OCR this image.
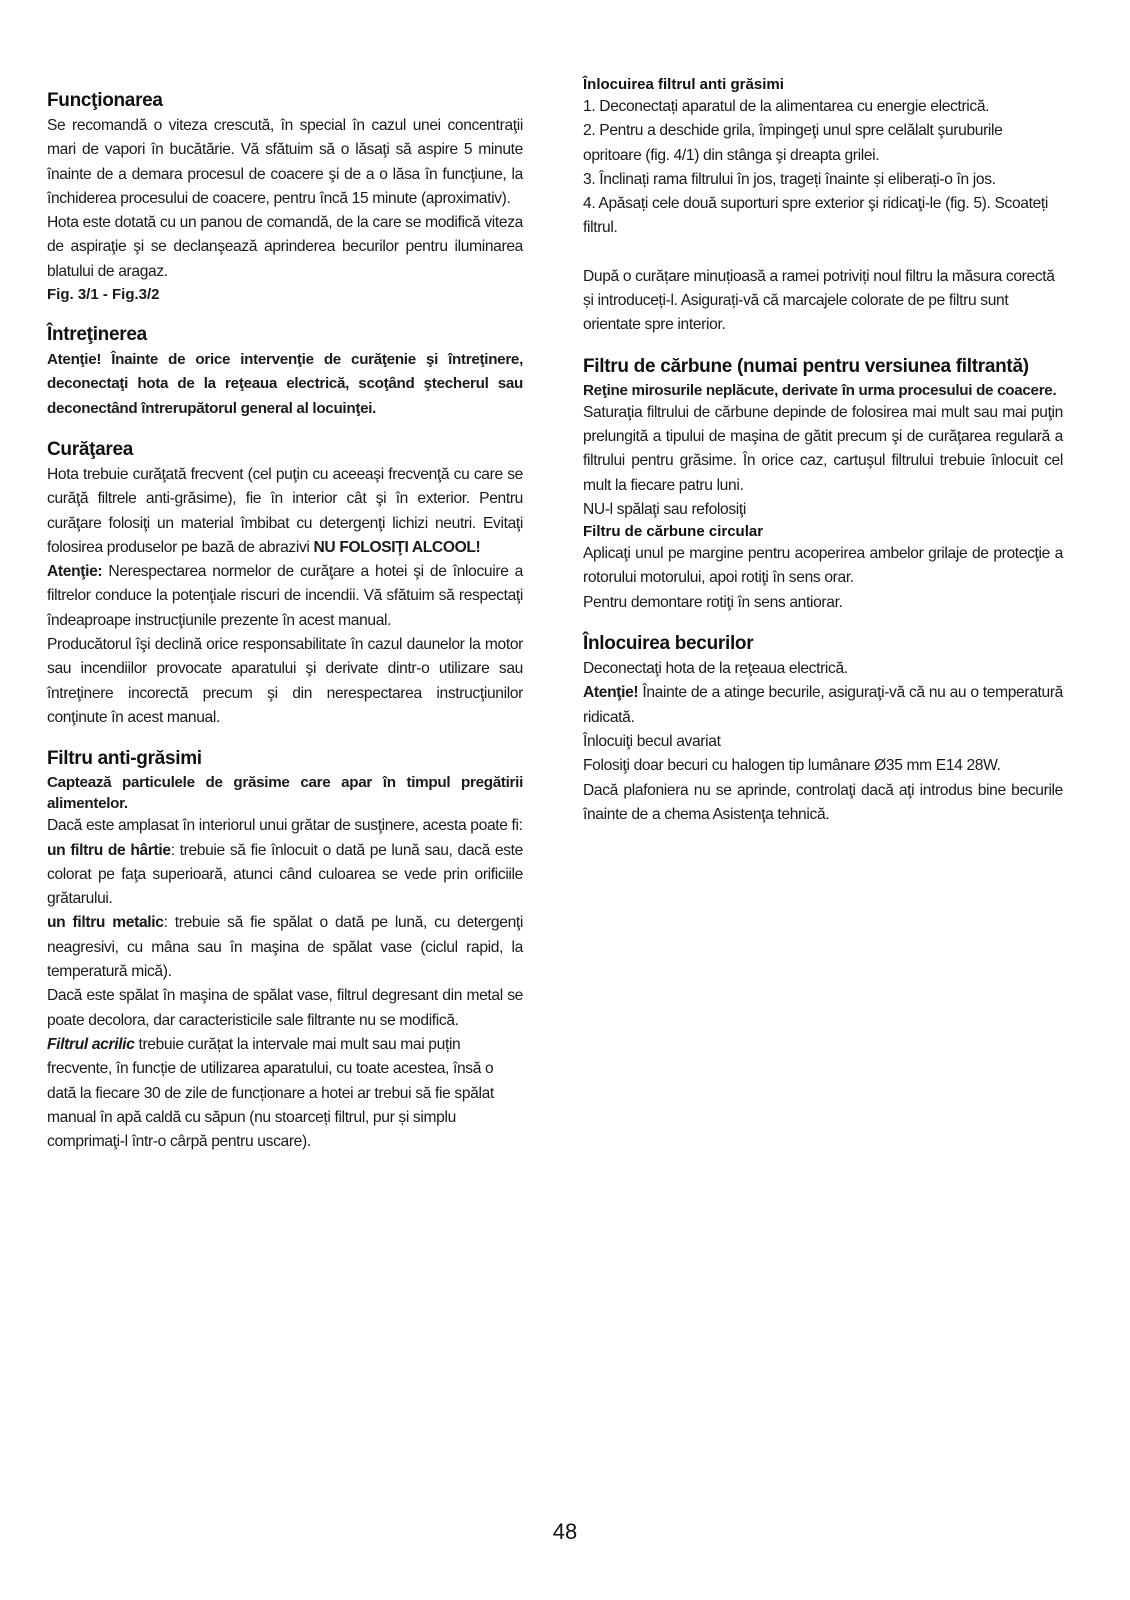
Funcţionarea

Se recomandă o viteza crescută, în special în cazul unei concentraţii mari de vapori în bucătărie. Vă sfătuim să o lăsaţi să aspire 5 minute înainte de a demara procesul de coacere şi de a o lăsa în funcţiune, la închiderea procesului de coacere, pentru încă 15 minute (aproximativ).

Hota este dotată cu un panou de comandă, de la care se modifică viteza de aspiraţie şi se declanşează aprinderea becurilor pentru iluminarea blatului de aragaz.

Fig. 3/1 - Fig.3/2

Întreţinerea

Atenţie! Înainte de orice intervenţie de curăţenie şi întreţinere, deconectaţi hota de la reţeaua electrică, scoţând ştecherul sau deconectând întrerupătorul general al locuinţei.

Curăţarea

Hota trebuie curăţată frecvent (cel puţin cu aceeaşi frecvenţă cu care se curăţă filtrele anti-grăsime), fie în interior cât şi în exterior. Pentru curăţare folosiţi un material îmbibat cu detergenţi lichizi neutri. Evitaţi folosirea produselor pe bază de abrazivi NU FOLOSIŢI ALCOOL!

Atenţie: Nerespectarea normelor de curăţare a hotei şi de înlocuire a filtrelor conduce la potenţiale riscuri de incendii. Vă sfătuim să respectaţi îndeaproape instrucţiunile prezente în acest manual.

Producătorul îşi declină orice responsabilitate în cazul daunelor la motor sau incendiilor provocate aparatului şi derivate dintr-o utilizare sau întreţinere incorectă precum şi din nerespectarea instrucţiunilor conţinute în acest manual.

Filtru anti-grăsimi

Captează particulele de grăsime care apar în timpul pregătirii alimentelor.

Dacă este amplasat în interiorul unui grătar de susţinere, acesta poate fi:

un filtru de hârtie: trebuie să fie înlocuit o dată pe lună sau, dacă este colorat pe faţa superioară, atunci când culoarea se vede prin orificiile grătarului.

un filtru metalic: trebuie să fie spălat o dată pe lună, cu detergenţi neagresivi, cu mâna sau în maşina de spălat vase (ciclul rapid, la temperatură mică).

Dacă este spălat în maşina de spălat vase, filtrul degresant din metal se poate decolora, dar caracteristicile sale filtrante nu se modifică.

Filtrul acrilic trebuie curățat la intervale mai mult sau mai puțin frecvente, în funcție de utilizarea aparatului, cu toate acestea, însă o dată la fiecare 30 de zile de funcționare a hotei ar trebui să fie spălat manual în apă caldă cu săpun (nu stoarceți filtrul, pur și simplu comprimaţi-l într-o cârpă pentru uscare).

Înlocuirea filtrul anti grăsimi

1. Deconectați aparatul de la alimentarea cu energie electrică.

2. Pentru a deschide grila, împingeţi unul spre celălalt şuruburile opritoare (fig. 4/1) din stânga şi dreapta grilei.

3. Înclinați rama filtrului în jos, trageți înainte și eliberați-o în jos.

4. Apăsați cele două suporturi spre exterior şi ridicaţi-le (fig. 5). Scoateți filtrul.

După o curățare minuțioasă a ramei potriviți noul filtru la măsura corectă și introduceți-l. Asigurați-vă că marcajele colorate de pe filtru sunt orientate spre interior.

Filtru de cărbune (numai pentru versiunea filtrantă)

Reţine mirosurile neplăcute, derivate în urma procesului de coacere.

Saturaţia filtrului de cărbune depinde de folosirea mai mult sau mai puţin prelungită a tipului de maşina de gătit precum şi de curăţarea regulară a filtrului pentru grăsime. În orice caz, cartuşul filtrului trebuie înlocuit cel mult la fiecare patru luni.

NU-l spălaţi sau refolosiţi

Filtru de cărbune circular

Aplicaţi unul pe margine pentru acoperirea ambelor grilaje de protecţie a rotorului motorului, apoi rotiţi în sens orar.

Pentru demontare rotiţi în sens antiorar.

Înlocuirea becurilor

Deconectaţi hota de la reţeaua electrică.

Atenţie! Înainte de a atinge becurile, asiguraţi-vă că nu au o temperatură ridicată.

Înlocuiţi becul avariat

Folosiţi doar becuri cu halogen tip lumânare Ø35 mm E14 28W.

Dacă plafoniera nu se aprinde, controlaţi dacă aţi introdus bine becurile înainte de a chema Asistenţa tehnică.

48
